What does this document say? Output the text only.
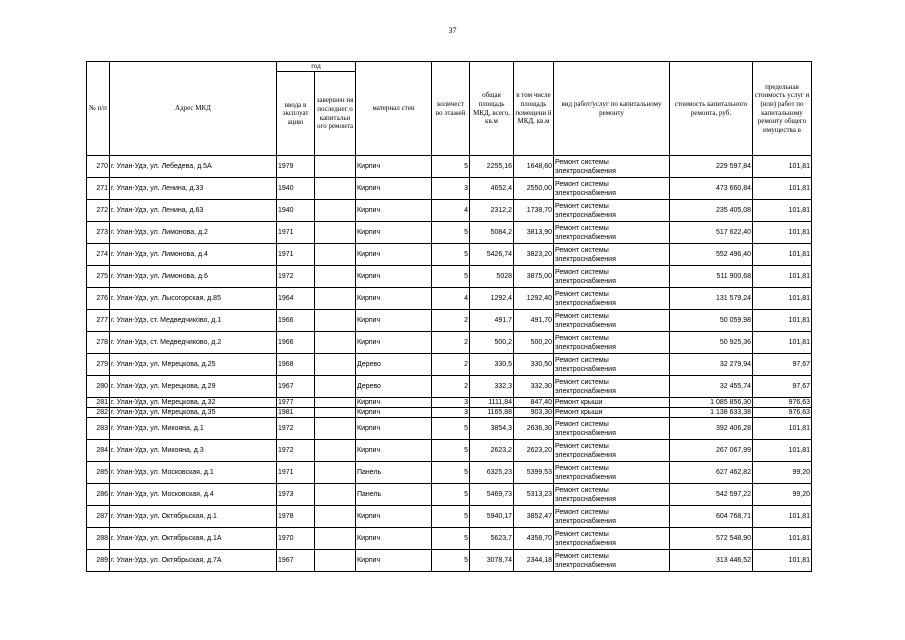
37
№ п/п	Адрес МКД	год		материал стен	количест во этажей	общая площадь МКД, всего, кв.м	в том числе площадь помещени й МКД, кв.м	вид работ/услуг по капитальному ремонту	стоимость капитального ремонта, руб.	предельная стоимость услуг и (или) работ по капитальному ремонту общего имущества в
		ввода в эксплуат ацию	завершен ия последнег о капитальн ого ремонта							
270	г. Улан-Удэ, ул. Лебедева, д.5А	1979		Кирпич	5	2255,16	1648,60	Ремонт системы электроснабжения	229 597,84	101,81
271	г. Улан-Удэ, ул. Ленина, д.33	1940		Кирпич	3	4652,4	2550,00	Ремонт системы электроснабжения	473 660,84	101,81
272	г. Улан-Удэ, ул. Ленина, д.63	1940		Кирпич	4	2312,2	1738,70	Ремонт системы электроснабжения	235 405,08	101,81
273	г. Улан-Удэ, ул. Лимонова, д.2	1971		Кирпич	5	5084,2	3813,90	Ремонт системы электроснабжения	517 622,40	101,81
274	г. Улан-Удэ, ул. Лимонова, д.4	1971		Кирпич	5	5426,74	3823,20	Ремонт системы электроснабжения	552 496,40	101,81
275	г. Улан-Удэ, ул. Лимонова, д.6	1972		Кирпич	5	5028	3875,00	Ремонт системы электроснабжения	511 900,68	101,81
276	г. Улан-Удэ, ул. Лысогорская, д.85	1964		Кирпич	4	1292,4	1292,40	Ремонт системы электроснабжения	131 579,24	101,81
277	г. Улан-Удэ, ст. Медведчиково, д.1	1966		Кирпич	2	491,7	491,70	Ремонт системы электроснабжения	50 059,98	101,81
278	г. Улан-Удэ, ст. Медведчиково, д.2	1966		Кирпич	2	500,2	500,20	Ремонт системы электроснабжения	50 925,36	101,81
279	г. Улан-Удэ, ул. Мерецкова, д.25	1968		Дерево	2	330,5	330,50	Ремонт системы электроснабжения	32 279,94	97,67
280	г. Улан-Удэ, ул. Мерецкова, д.29	1967		Дерево	2	332,3	332,30	Ремонт системы электроснабжения	32 455,74	97,67
281	г. Улан-Удэ, ул. Мерецкова, д.32	1977		Кирпич	3	1111,84	847,40	Ремонт крыши	1 085 856,30	976,63
282	г. Улан-Удэ, ул. Мерецкова, д.35	1981		Кирпич	3	1165,88	903,30	Ремонт крыши	1 138 633,38	976,63
283	г. Улан-Удэ, ул. Микояна, д.1	1972		Кирпич	5	3854,3	2636,30	Ремонт системы электроснабжения	392 406,28	101,81
284	г. Улан-Удэ, ул. Микояна, д.3	1972		Кирпич	5	2623,2	2623,20	Ремонт системы электроснабжения	267 067,99	101,81
285	г. Улан-Удэ, ул. Московская, д.1	1971		Панель	5	6325,23	5399,53	Ремонт системы электроснабжения	627 462,82	99,20
286	г. Улан-Удэ, ул. Московская, д.4	1973		Панель	5	5469,73	5313,23	Ремонт системы электроснабжения	542 597,22	99,20
287	г. Улан-Удэ, ул. Октябрьская, д.1	1978		Кирпич	5	5940,17	3852,47	Ремонт системы электроснабжения	604 768,71	101,81
288	г. Улан-Удэ, ул. Октябрьская, д.1А	1970		Кирпич	5	5623,7	4358,70	Ремонт системы электроснабжения	572 548,90	101,81
289	г. Улан-Удэ, ул. Октябрьская, д.7А	1967		Кирпич	5	3078,74	2344,18	Ремонт системы электроснабжения	313 446,52	101,81
